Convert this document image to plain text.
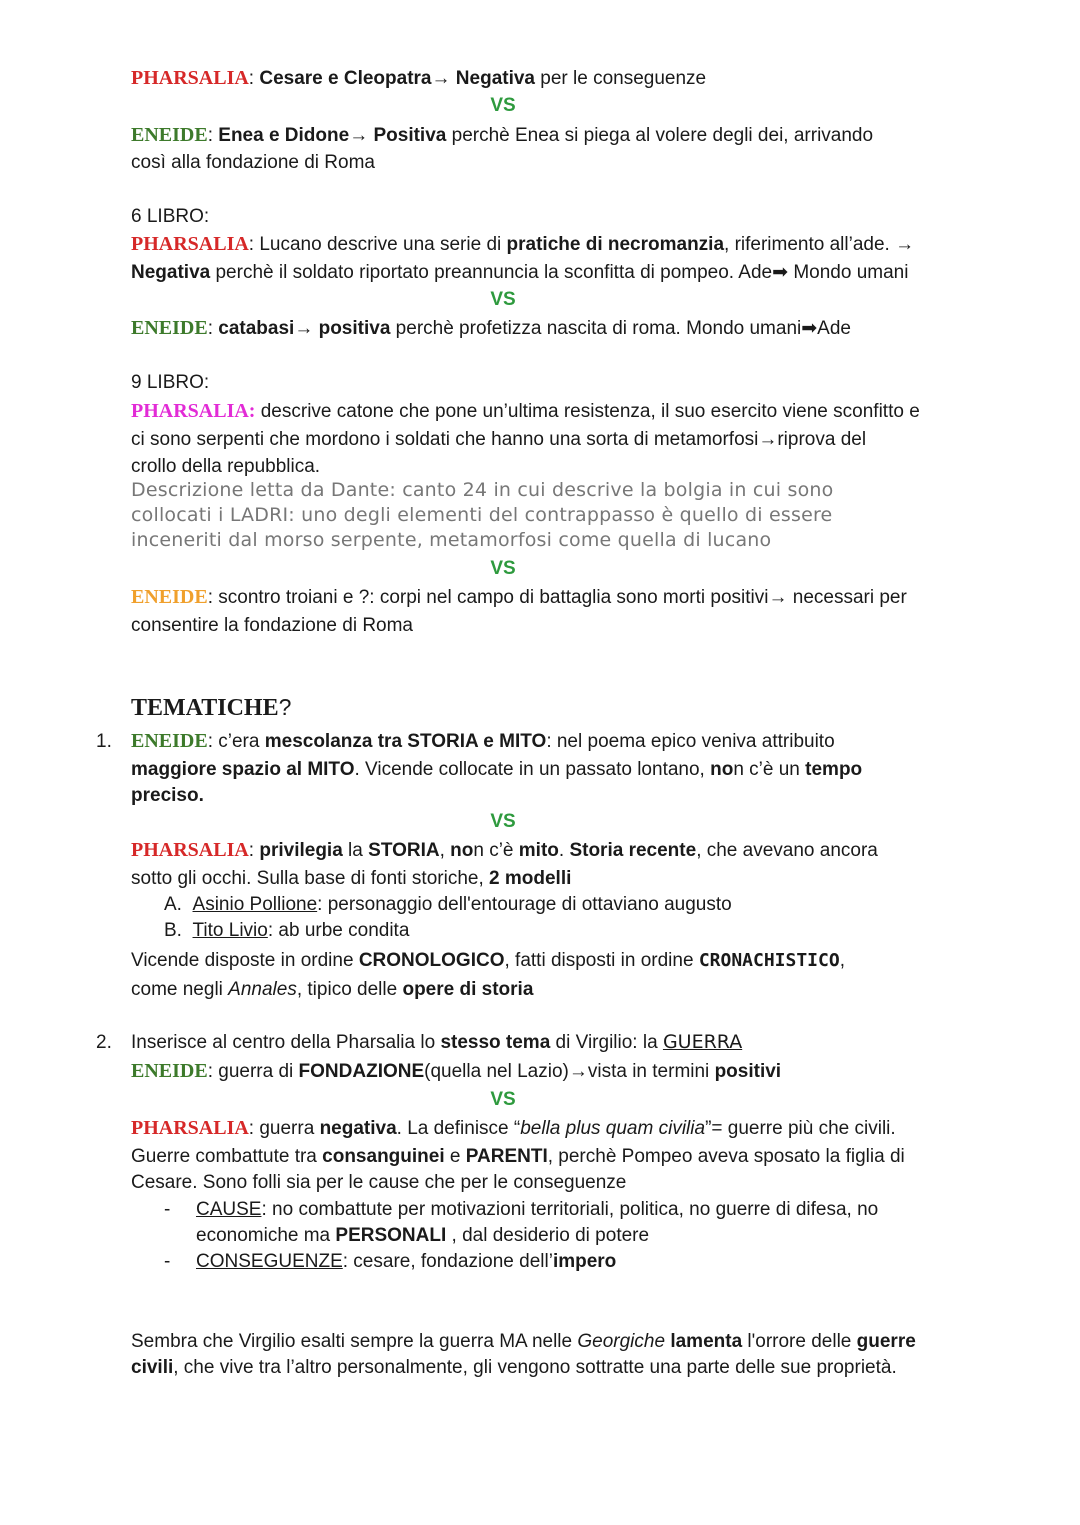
PHARSALIA: Cesare e Cleopatra→ Negativa per le conseguenze
VS
ENEIDE: Enea e Didone→ Positiva perchè Enea si piega al volere degli dei, arrivando
così alla fondazione di Roma
6 LIBRO:
PHARSALIA: Lucano descrive una serie di pratiche di necromanzia, riferimento all’ade. →
Negativa perchè il soldato riportato preannuncia la sconfitta di pompeo. Ade➡ Mondo umani
VS
ENEIDE: catabasi→ positiva perchè profetizza nascita di roma. Mondo umani➡Ade
9 LIBRO:
PHARSALIA: descrive catone che pone un’ultima resistenza, il suo esercito viene sconfitto e
ci sono serpenti che mordono i soldati che hanno una sorta di metamorfosi→riprova del
crollo della repubblica.
Descrizione letta da Dante: canto 24 in cui descrive la bolgia in cui sono
collocati i LADRI: uno degli elementi del contrappasso è quello di essere
inceneriti dal morso serpente, metamorfosi come quella di lucano
VS
ENEIDE: scontro troiani e ?: corpi nel campo di battaglia sono morti positivi→ necessari per
consentire la fondazione di Roma
TEMATICHE?
1. ENEIDE: c’era mescolanza tra STORIA e MITO: nel poema epico veniva attribuito
maggiore spazio al MITO. Vicende collocate in un passato lontano, non c’è un tempo
preciso.
VS
PHARSALIA: privilegia la STORIA, non c’è mito. Storia recente, che avevano ancora
sotto gli occhi. Sulla base di fonti storiche, 2 modelli
A. Asinio Pollione: personaggio dell'entourage di ottaviano augusto
B. Tito Livio: ab urbe condita
Vicende disposte in ordine CRONOLOGICO, fatti disposti in ordine CRONACHISTICO,
come negli Annales, tipico delle opere di storia
2. Inserisce al centro della Pharsalia lo stesso tema di Virgilio: la GUERRA
ENEIDE: guerra di FONDAZIONE(quella nel Lazio)→vista in termini positivi
VS
PHARSALIA: guerra negativa. La definisce “bella plus quam civilia”= guerre più che civili.
Guerre combattute tra consanguinei e PARENTI, perchè Pompeo aveva sposato la figlia di
Cesare. Sono folli sia per le cause che per le conseguenze
- CAUSE: no combattute per motivazioni territoriali, politica, no guerre di difesa, no
economiche ma PERSONALI , dal desiderio di potere
- CONSEGUENZE: cesare, fondazione dell’impero
Sembra che Virgilio esalti sempre la guerra MA nelle Georgiche lamenta l'orrore delle guerre
civili, che vive tra l’altro personalmente, gli vengono sottratte una parte delle sue proprietà.
